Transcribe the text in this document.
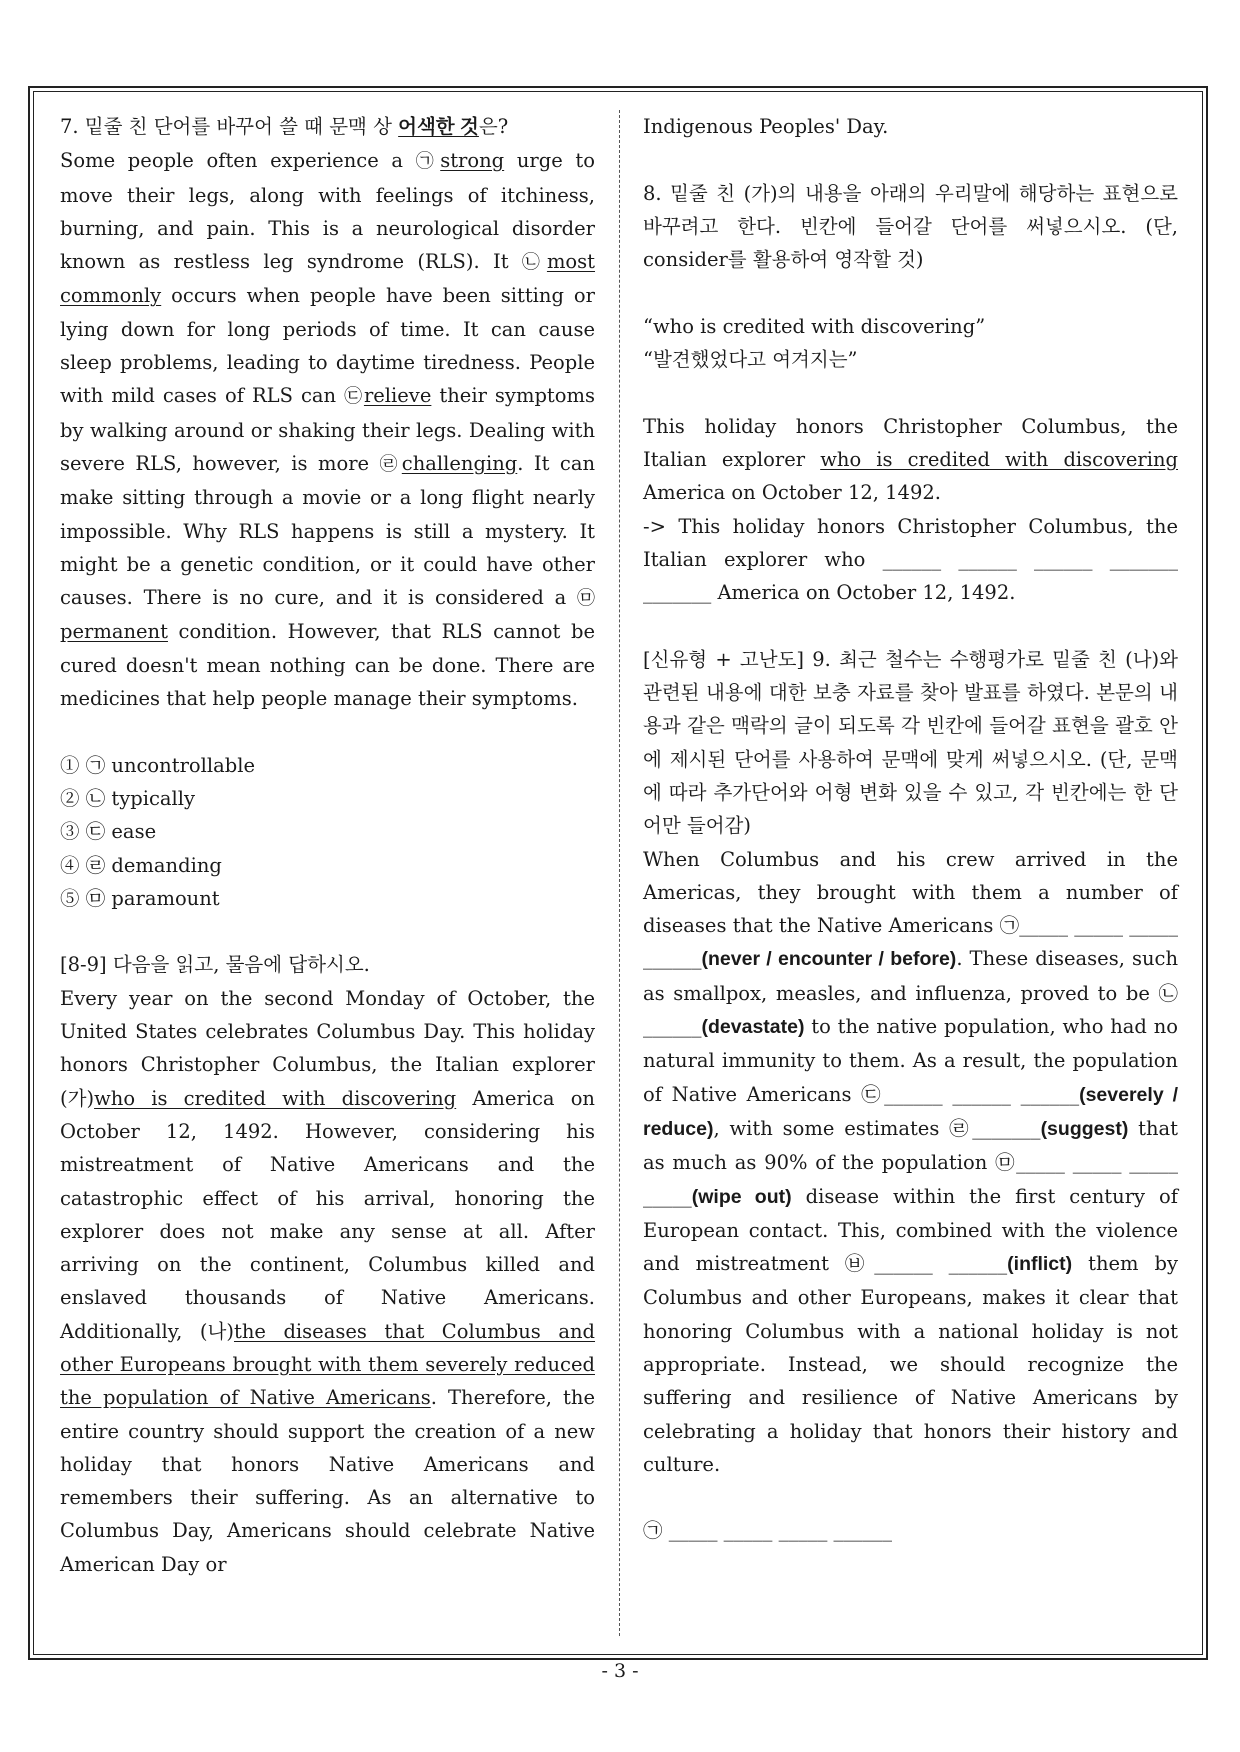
7. 밑줄 친 단어를 바꾸어 쓸 때 문맥 상 어색한 것은?
Some people often experience a ㉠strong urge to move their legs, along with feelings of itchiness, burning, and pain. This is a neurological disorder known as restless leg syndrome (RLS). It ㉡most commonly occurs when people have been sitting or lying down for long periods of time. It can cause sleep problems, leading to daytime tiredness. People with mild cases of RLS can ㉢relieve their symptoms by walking around or shaking their legs. Dealing with severe RLS, however, is more ㉣challenging. It can make sitting through a movie or a long flight nearly impossible. Why RLS happens is still a mystery. It might be a genetic condition, or it could have other causes. There is no cure, and it is considered a ㉤permanent condition. However, that RLS cannot be cured doesn't mean nothing can be done. There are medicines that help people manage their symptoms.
① ㉠ uncontrollable
② ㉡ typically
③ ㉢ ease
④ ㉣ demanding
⑤ ㉤ paramount
[8-9] 다음을 읽고, 물음에 답하시오.
Every year on the second Monday of October, the United States celebrates Columbus Day. This holiday honors Christopher Columbus, the Italian explorer (가)who is credited with discovering America on October 12, 1492. However, considering his mistreatment of Native Americans and the catastrophic effect of his arrival, honoring the explorer does not make any sense at all. After arriving on the continent, Columbus killed and enslaved thousands of Native Americans. Additionally, (나)the diseases that Columbus and other Europeans brought with them severely reduced the population of Native Americans. Therefore, the entire country should support the creation of a new holiday that honors Native Americans and remembers their suffering. As an alternative to Columbus Day, Americans should celebrate Native American Day or
Indigenous Peoples' Day.
8. 밑줄 친 (가)의 내용을 아래의 우리말에 해당하는 표현으로 바꾸려고 한다. 빈칸에 들어갈 단어를 써넣으시오. (단, consider를 활용하여 영작할 것)
“who is credited with discovering”
“발견했었다고 여겨지는”
This holiday honors Christopher Columbus, the Italian explorer who is credited with discovering America on October 12, 1492.
-> This holiday honors Christopher Columbus, the Italian explorer who ______ ______ ______ _______ _______ America on October 12, 1492.
[신유형 + 고난도] 9. 최근 철수는 수행평가로 밑줄 친 (나)와 관련된 내용에 대한 보충 자료를 찾아 발표를 하였다. 본문의 내용과 같은 맥락의 글이 되도록 각 빈칸에 들어갈 표현을 괄호 안에 제시된 단어를 사용하여 문맥에 맞게 써넣으시오. (단, 문맥에 따라 추가단어와 어형 변화 있을 수 있고, 각 빈칸에는 한 단어만 들어감)
When Columbus and his crew arrived in the Americas, they brought with them a number of diseases that the Native Americans ㉠_____ _____ _____ ______(never / encounter / before). These diseases, such as smallpox, measles, and influenza, proved to be ㉡______(devastate) to the native population, who had no natural immunity to them. As a result, the population of Native Americans ㉢______ ______ ______(severely / reduce), with some estimates ㉣_______(suggest) that as much as 90% of the population ㉤_____ _____ _____ _____(wipe out) disease within the first century of European contact. This, combined with the violence and mistreatment ㉥______ ______(inflict) them by Columbus and other Europeans, makes it clear that honoring Columbus with a national holiday is not appropriate. Instead, we should recognize the suffering and resilience of Native Americans by celebrating a holiday that honors their history and culture.
㉠ _____ _____ _____ ______
- 3 -
